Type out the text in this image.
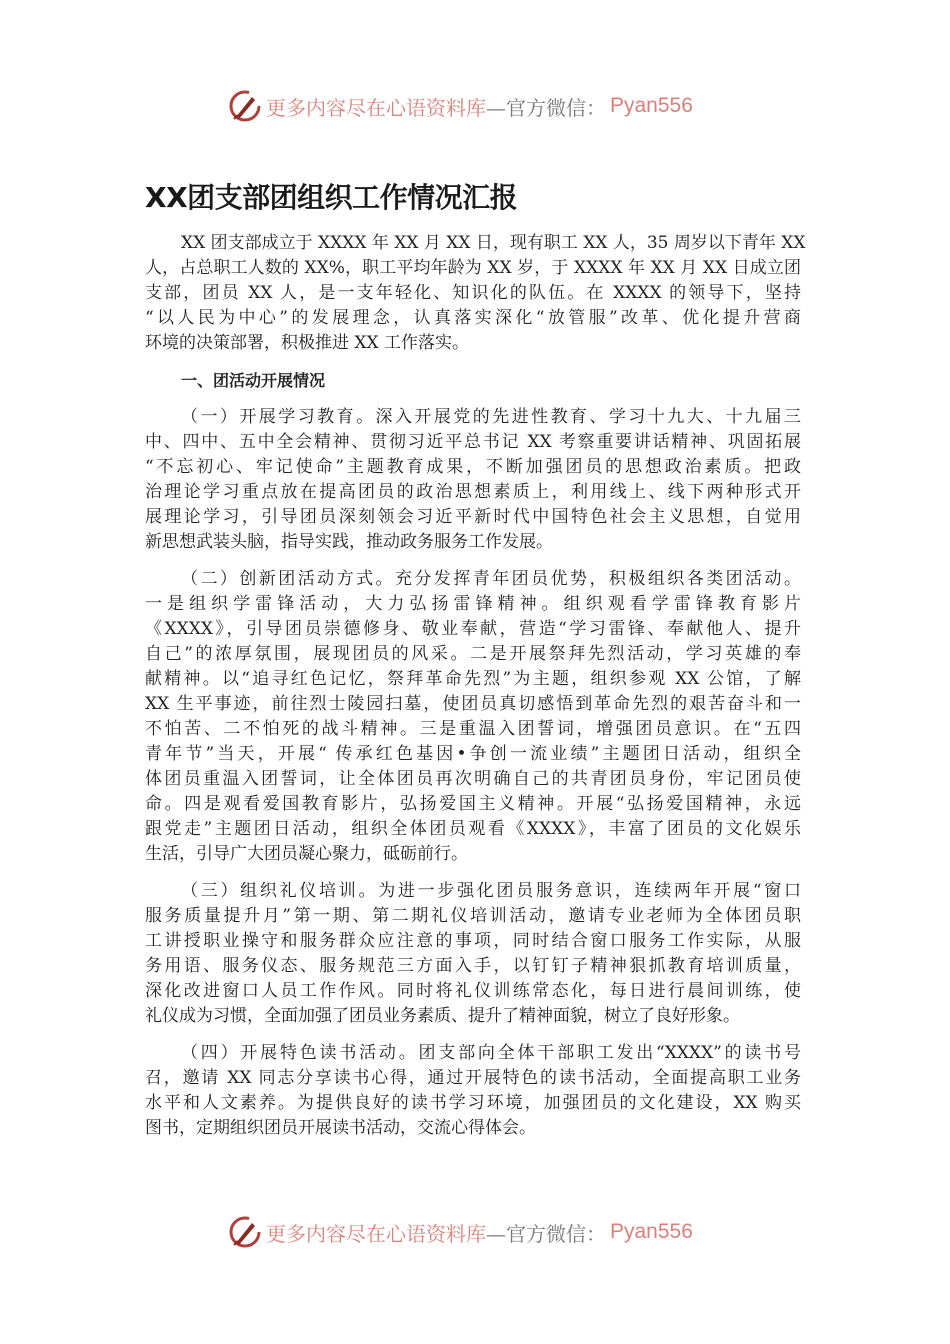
更多内容尽在心语资料库 —官方微信： Pyan556
XX团支部团组织工作情况汇报
XX 团支部成立于 XXXX 年 XX 月 XX 日，现有职工 XX 人，35 周岁以下青年 XX
人，占总职工人数的 XX%，职工平均年龄为 XX 岁，于 XXXX 年 XX 月 XX 日成立团
支部，团员 XX 人，是一支年轻化、知识化的队伍。在 XXXX 的领导下，坚持
“以人民为中心”的发展理念，认真落实深化“放管服”改革、优化提升营商
环境的决策部署，积极推进 XX 工作落实。
一、团活动开展情况
（一）开展学习教育。深入开展党的先进性教育、学习十九大、十九届三
中、四中、五中全会精神、贯彻习近平总书记 XX 考察重要讲话精神、巩固拓展
“不忘初心、牢记使命”主题教育成果，不断加强团员的思想政治素质。把政
治理论学习重点放在提高团员的政治思想素质上，利用线上、线下两种形式开
展理论学习，引导团员深刻领会习近平新时代中国特色社会主义思想，自觉用
新思想武装头脑，指导实践，推动政务服务工作发展。
（二）创新团活动方式。充分发挥青年团员优势，积极组织各类团活动。
一是组织学雷锋活动，大力弘扬雷锋精神。组织观看学雷锋教育影片
《XXXX》，引导团员崇德修身、敬业奉献，营造“学习雷锋、奉献他人、提升
自己”的浓厚氛围，展现团员的风采。二是开展祭拜先烈活动，学习英雄的奉
献精神。以“追寻红色记忆，祭拜革命先烈”为主题，组织参观 XX 公馆，了解
XX 生平事迹，前往烈士陵园扫墓，使团员真切感悟到革命先烈的艰苦奋斗和一
不怕苦、二不怕死的战斗精神。三是重温入团誓词，增强团员意识。在“五四
青年节”当天，开展“ 传承红色基因•争创一流业绩”主题团日活动，组织全
体团员重温入团誓词，让全体团员再次明确自己的共青团员身份，牢记团员使
命。四是观看爱国教育影片，弘扬爱国主义精神。开展“弘扬爱国精神，永远
跟党走”主题团日活动，组织全体团员观看《XXXX》，丰富了团员的文化娱乐
生活，引导广大团员凝心聚力，砥砺前行。
（三）组织礼仪培训。为进一步强化团员服务意识，连续两年开展“窗口
服务质量提升月”第一期、第二期礼仪培训活动，邀请专业老师为全体团员职
工讲授职业操守和服务群众应注意的事项，同时结合窗口服务工作实际，从服
务用语、服务仪态、服务规范三方面入手，以钉钉子精神狠抓教育培训质量，
深化改进窗口人员工作作风。同时将礼仪训练常态化，每日进行晨间训练，使
礼仪成为习惯，全面加强了团员业务素质、提升了精神面貌，树立了良好形象。
（四）开展特色读书活动。团支部向全体干部职工发出“XXXX”的读书号
召，邀请 XX 同志分享读书心得，通过开展特色的读书活动，全面提高职工业务
水平和人文素养。为提供良好的读书学习环境，加强团员的文化建设，XX 购买
图书，定期组织团员开展读书活动，交流心得体会。
更多内容尽在心语资料库 —官方微信： Pyan556
